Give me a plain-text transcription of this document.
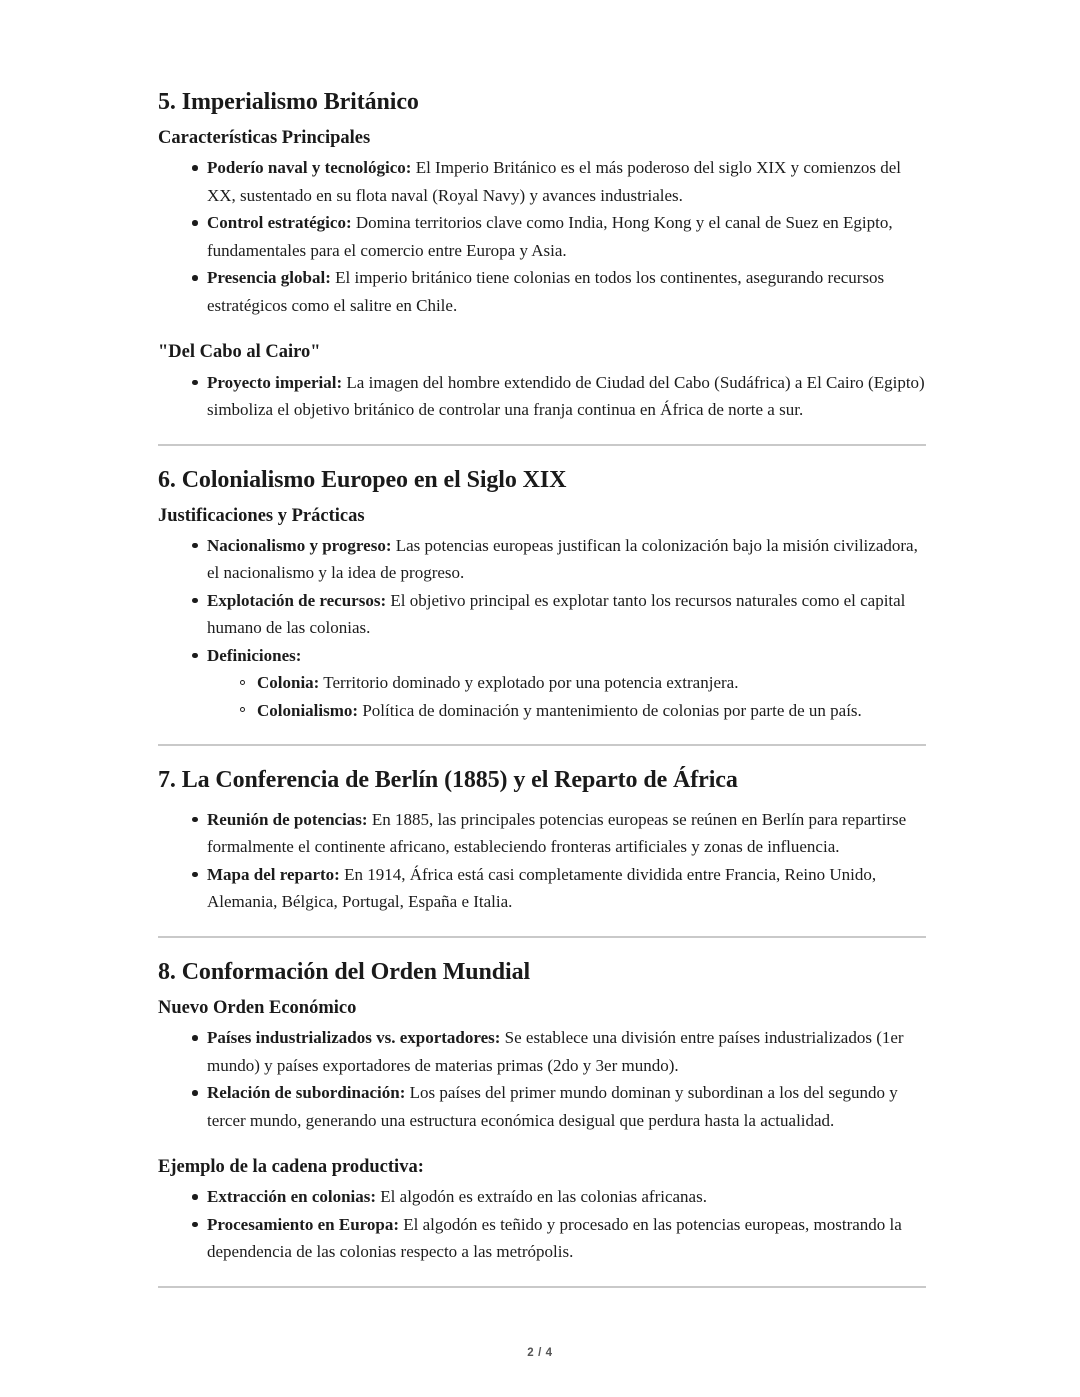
5. Imperialismo Británico
Características Principales
Poderío naval y tecnológico: El Imperio Británico es el más poderoso del siglo XIX y comienzos del XX, sustentado en su flota naval (Royal Navy) y avances industriales.
Control estratégico: Domina territorios clave como India, Hong Kong y el canal de Suez en Egipto, fundamentales para el comercio entre Europa y Asia.
Presencia global: El imperio británico tiene colonias en todos los continentes, asegurando recursos estratégicos como el salitre en Chile.
"Del Cabo al Cairo"
Proyecto imperial: La imagen del hombre extendido de Ciudad del Cabo (Sudáfrica) a El Cairo (Egipto) simboliza el objetivo británico de controlar una franja continua en África de norte a sur.
6. Colonialismo Europeo en el Siglo XIX
Justificaciones y Prácticas
Nacionalismo y progreso: Las potencias europeas justifican la colonización bajo la misión civilizadora, el nacionalismo y la idea de progreso.
Explotación de recursos: El objetivo principal es explotar tanto los recursos naturales como el capital humano de las colonias.
Definiciones:
Colonia: Territorio dominado y explotado por una potencia extranjera.
Colonialismo: Política de dominación y mantenimiento de colonias por parte de un país.
7. La Conferencia de Berlín (1885) y el Reparto de África
Reunión de potencias: En 1885, las principales potencias europeas se reúnen en Berlín para repartirse formalmente el continente africano, estableciendo fronteras artificiales y zonas de influencia.
Mapa del reparto: En 1914, África está casi completamente dividida entre Francia, Reino Unido, Alemania, Bélgica, Portugal, España e Italia.
8. Conformación del Orden Mundial
Nuevo Orden Económico
Países industrializados vs. exportadores: Se establece una división entre países industrializados (1er mundo) y países exportadores de materias primas (2do y 3er mundo).
Relación de subordinación: Los países del primer mundo dominan y subordinan a los del segundo y tercer mundo, generando una estructura económica desigual que perdura hasta la actualidad.
Ejemplo de la cadena productiva:
Extracción en colonias: El algodón es extraído en las colonias africanas.
Procesamiento en Europa: El algodón es teñido y procesado en las potencias europeas, mostrando la dependencia de las colonias respecto a las metrópolis.
2 / 4
